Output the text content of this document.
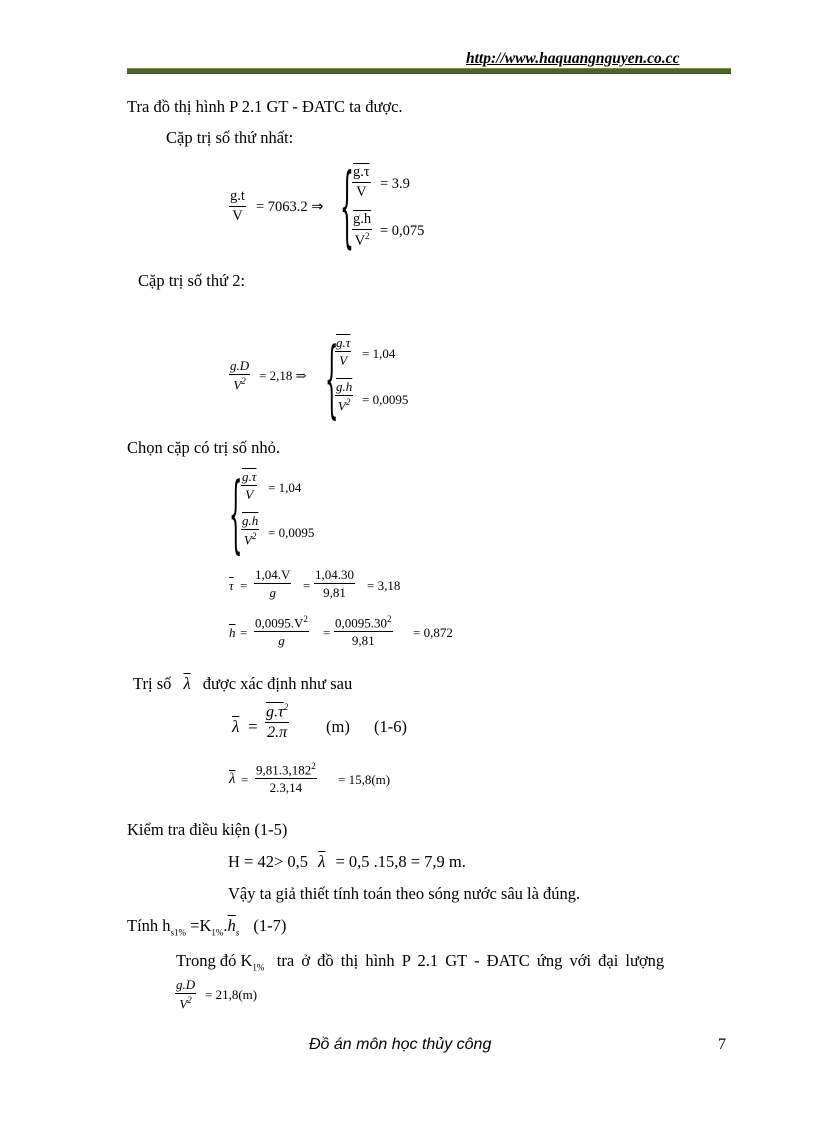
http://www.haquangnguyen.co.cc
Tra đồ thị hình P 2.1 GT - ĐATC ta được.
Cặp trị số thứ nhất:
$\frac{g.t}{V} = 7063.2$ ⇒ {
$\frac{g.\tau}{V} = 3.9$
$\frac{g.h}{V^2} = 0,075$
Cặp trị số thứ 2:
$\frac{g.D}{V^2} = 2,18$ ⇒ {
$\frac{g.\tau}{V} = 1,04$
$\frac{g.h}{V^2} = 0,0095$
Chọn cặp có trị số nhỏ.
{
$\frac{g.\tau}{V} = 1,04$
$\frac{g.h}{V^2} = 0,0095$
$\overline{\tau} = \frac{1,04.V}{g} = \frac{1,04.30}{9,81} = 3,18$
$\overline{h} = \frac{0,0095.V^2}{g} = \frac{0,0095.30^2}{9,81} = 0,872$
Trị số $\overline{\lambda}$ được xác định như sau
$\overline{\lambda} = \frac{g.\tau^2}{2.\pi} (m)$ (1-6)
$\overline{\lambda} = \frac{9,81.3,182^2}{2.3,14} = 15,8(m)$
Kiểm tra điều kiện (1-5)
H = 42> 0,5 $\overline{\lambda} = 0,5$ .15,8 = 7,9 m.
Vậy ta giả thiết tính toán theo sóng nước sâu là đúng.
Tính $h_{s1\%} =K_{1\%}.\overline{h}_s$ (1-7)
Trong đó $K_{1\%}$ tra ở đồ thị hình P 2.1 GT - ĐATC ứng với đại lượng
$\frac{g.D}{V^2} = 21,8(m)$
Đồ án môn học thủy công	7
